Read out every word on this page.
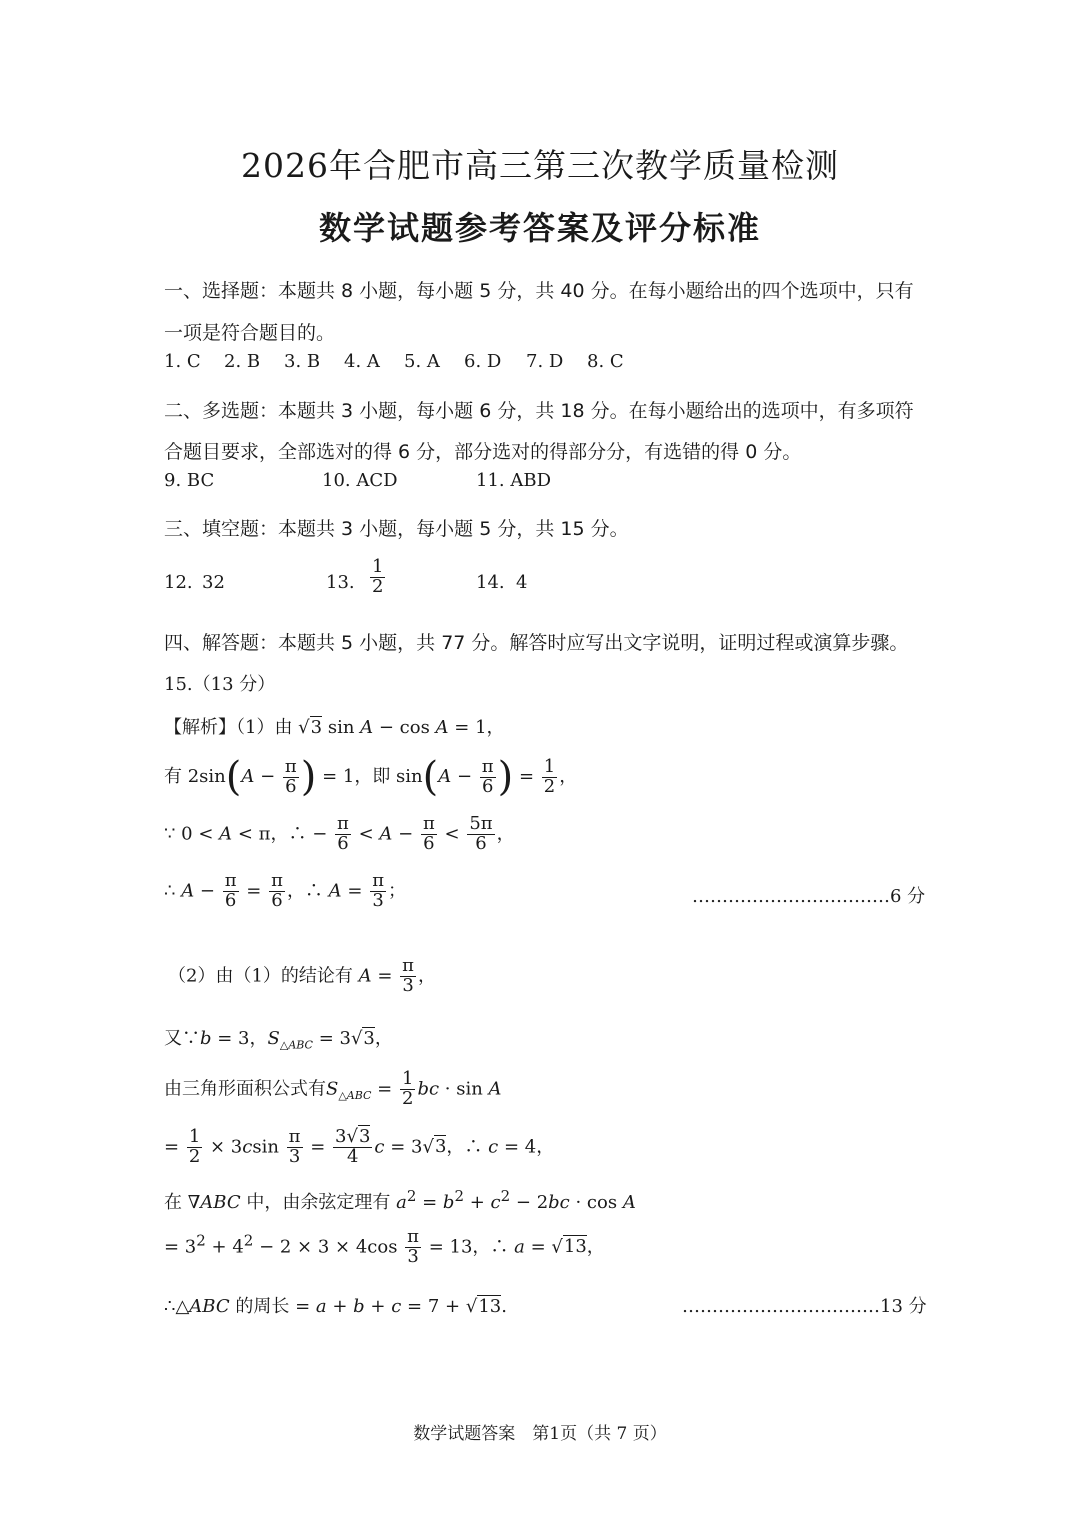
2026年合肥市高三第三次教学质量检测
数学试题参考答案及评分标准
一、选择题：本题共 8 小题，每小题 5 分，共 40 分。在每小题给出的四个选项中，只有
一项是符合题目的。
1. C 2. B 3. B 4. A 5. A 6. D 7. D 8. C
二、多选题：本题共 3 小题，每小题 6 分，共 18 分。在每小题给出的选项中，有多项符
合题目要求，全部选对的得 6 分，部分选对的得部分分，有选错的得 0 分。
9. BC	10. ACD	11. ABD
三、填空题：本题共 3 小题，每小题 5 分，共 15 分。
12. 32	13. $\frac{1}{2}$	14. 4
四、解答题：本题共 5 小题，共 77 分。解答时应写出文字说明，证明过程或演算步骤。
15.（13 分）
【解析】（1）由 √3 sin A − cos A = 1，
有 $2\sin(A - \frac{\pi}{6}$ ) = 1，即 $\sin(A - \frac{\pi}{6}$ ) = $\frac{1}{2}$ ，
∵ 0 < A < π，∴ − $\frac{\pi}{6} < A - \frac{\pi}{6} < \frac{5\pi}{6}$ ，
∴ $A - \frac{\pi}{6} = \frac{\pi}{6}$ ，∴ $A = \frac{\pi}{3}$ ；	……………………………6 分
（2）由（1）的结论有 $A = \frac{\pi}{3}$ ，
又∵b = 3，$S_{\triangle ABC} = 3√3$，
由三角形面积公式有$S_{\triangle ABC} = \frac{1}{2}$ bc · sin A
= $\frac{1}{2} \times 3csin \frac{\pi}{3} = \frac{3√3}{4}$ c = 3√3，∴ c = 4，
在 ∇ABC 中，由余弦定理有 $a^2 = b^2 + c^2 - 2bc \cdot \cos A$
= $3^2 + 4^2 - 2 \times 3 \times 4\cos \frac{\pi}{3} = 13$，∴ a = √13，
∴△ABC 的周长 = a + b + c = 7 + √13.	……………………………13 分
数学试题答案　第1页（共 7 页）
